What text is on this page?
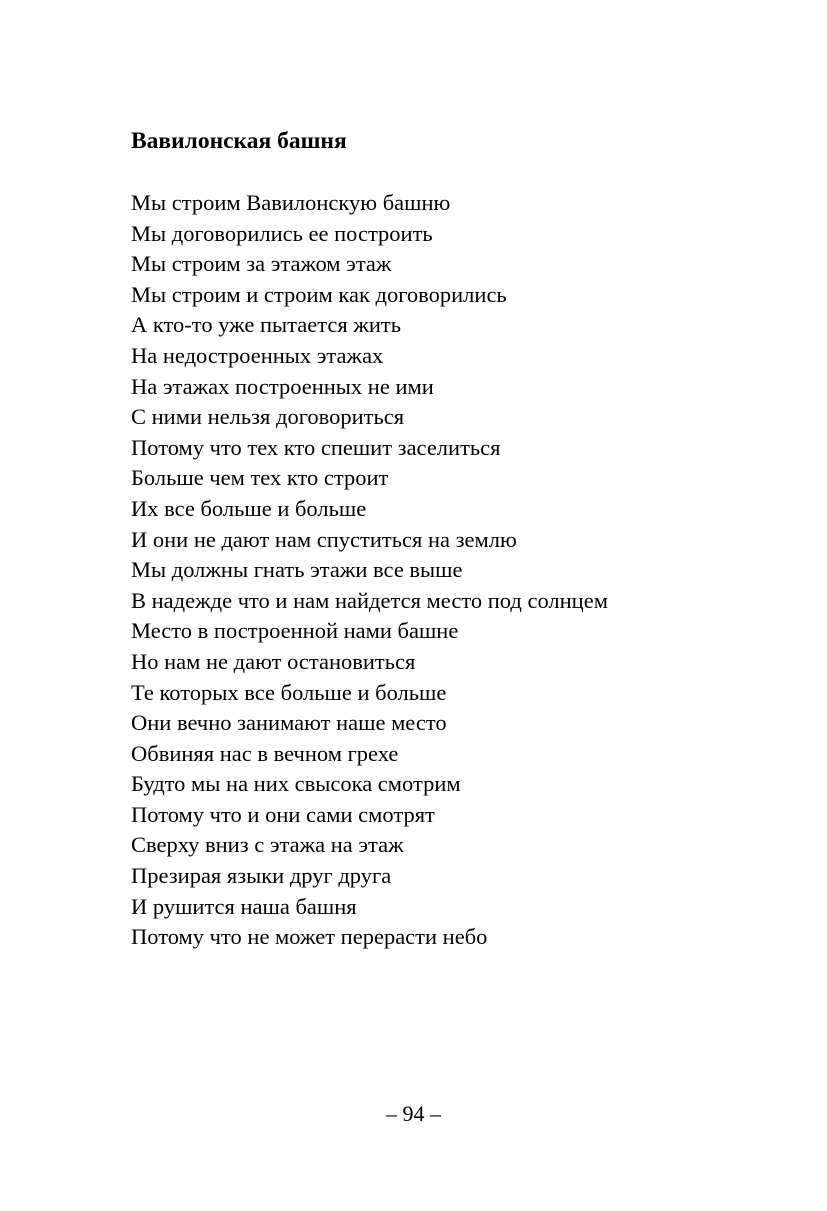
Вавилонская башня
Мы строим Вавилонскую башню
Мы договорились ее построить
Мы строим за этажом этаж
Мы строим и строим как договорились
А кто-то уже пытается жить
На недостроенных этажах
На этажах построенных не ими
С ними нельзя договориться
Потому что тех кто спешит заселиться
Больше чем тех кто строит
Их все больше и больше
И они не дают нам спуститься на землю
Мы должны гнать этажи все выше
В надежде что и нам найдется место под солнцем
Место в построенной нами башне
Но нам не дают остановиться
Те которых все больше и больше
Они вечно занимают наше место
Обвиняя нас в вечном грехе
Будто мы на них свысока смотрим
Потому что и они сами смотрят
Сверху вниз с этажа на этаж
Презирая языки друг друга
И рушится наша башня
Потому что не может перерасти небо
– 94 –
